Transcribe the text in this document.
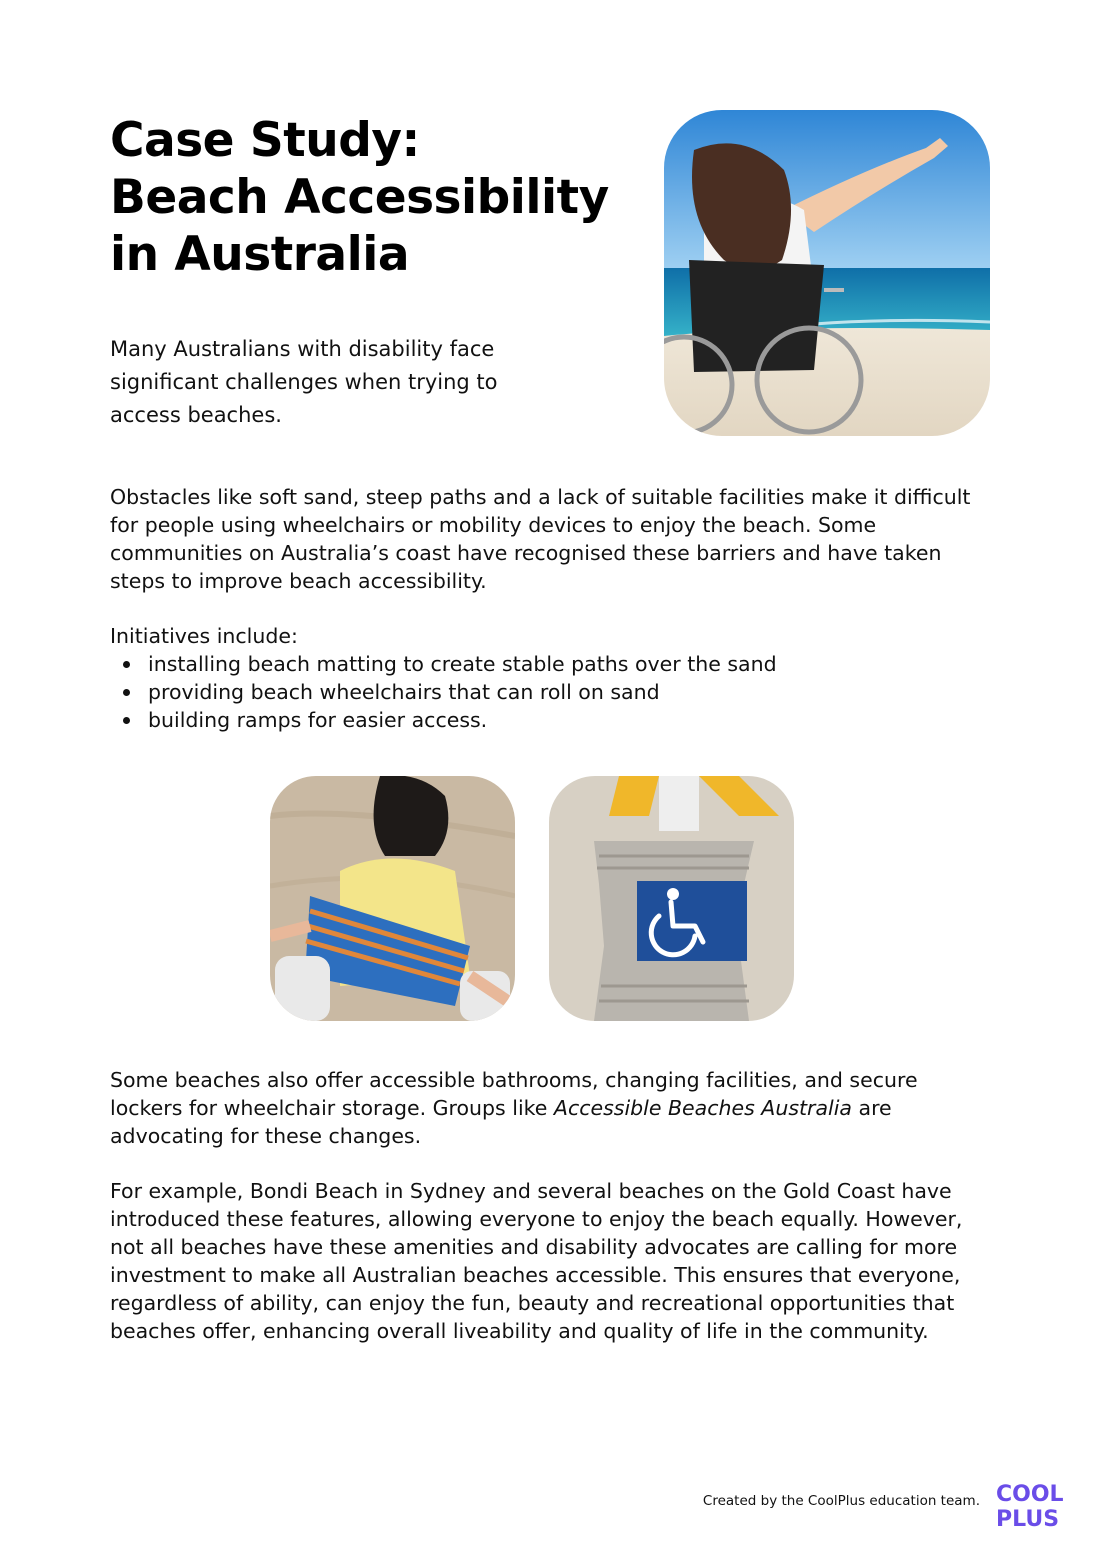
Case Study:
Beach Accessibility
in Australia

Many Australians with disability face significant challenges when trying to access beaches.

Obstacles like soft sand, steep paths and a lack of suitable facilities make it difficult for people using wheelchairs or mobility devices to enjoy the beach. Some communities on Australia’s coast have recognised these barriers and have taken steps to improve beach accessibility.

Initiatives include:
installing beach matting to create stable paths over the sand
providing beach wheelchairs that can roll on sand
building ramps for easier access.

Some beaches also offer accessible bathrooms, changing facilities, and secure lockers for wheelchair storage. Groups like Accessible Beaches Australia are advocating for these changes.

For example, Bondi Beach in Sydney and several beaches on the Gold Coast have introduced these features, allowing everyone to enjoy the beach equally. However, not all beaches have these amenities and disability advocates are calling for more investment to make all Australian beaches accessible. This ensures that everyone, regardless of ability, can enjoy the fun, beauty and recreational opportunities that beaches offer, enhancing overall liveability and quality of life in the community.

Created by the CoolPlus education team. COOL
PLUS
